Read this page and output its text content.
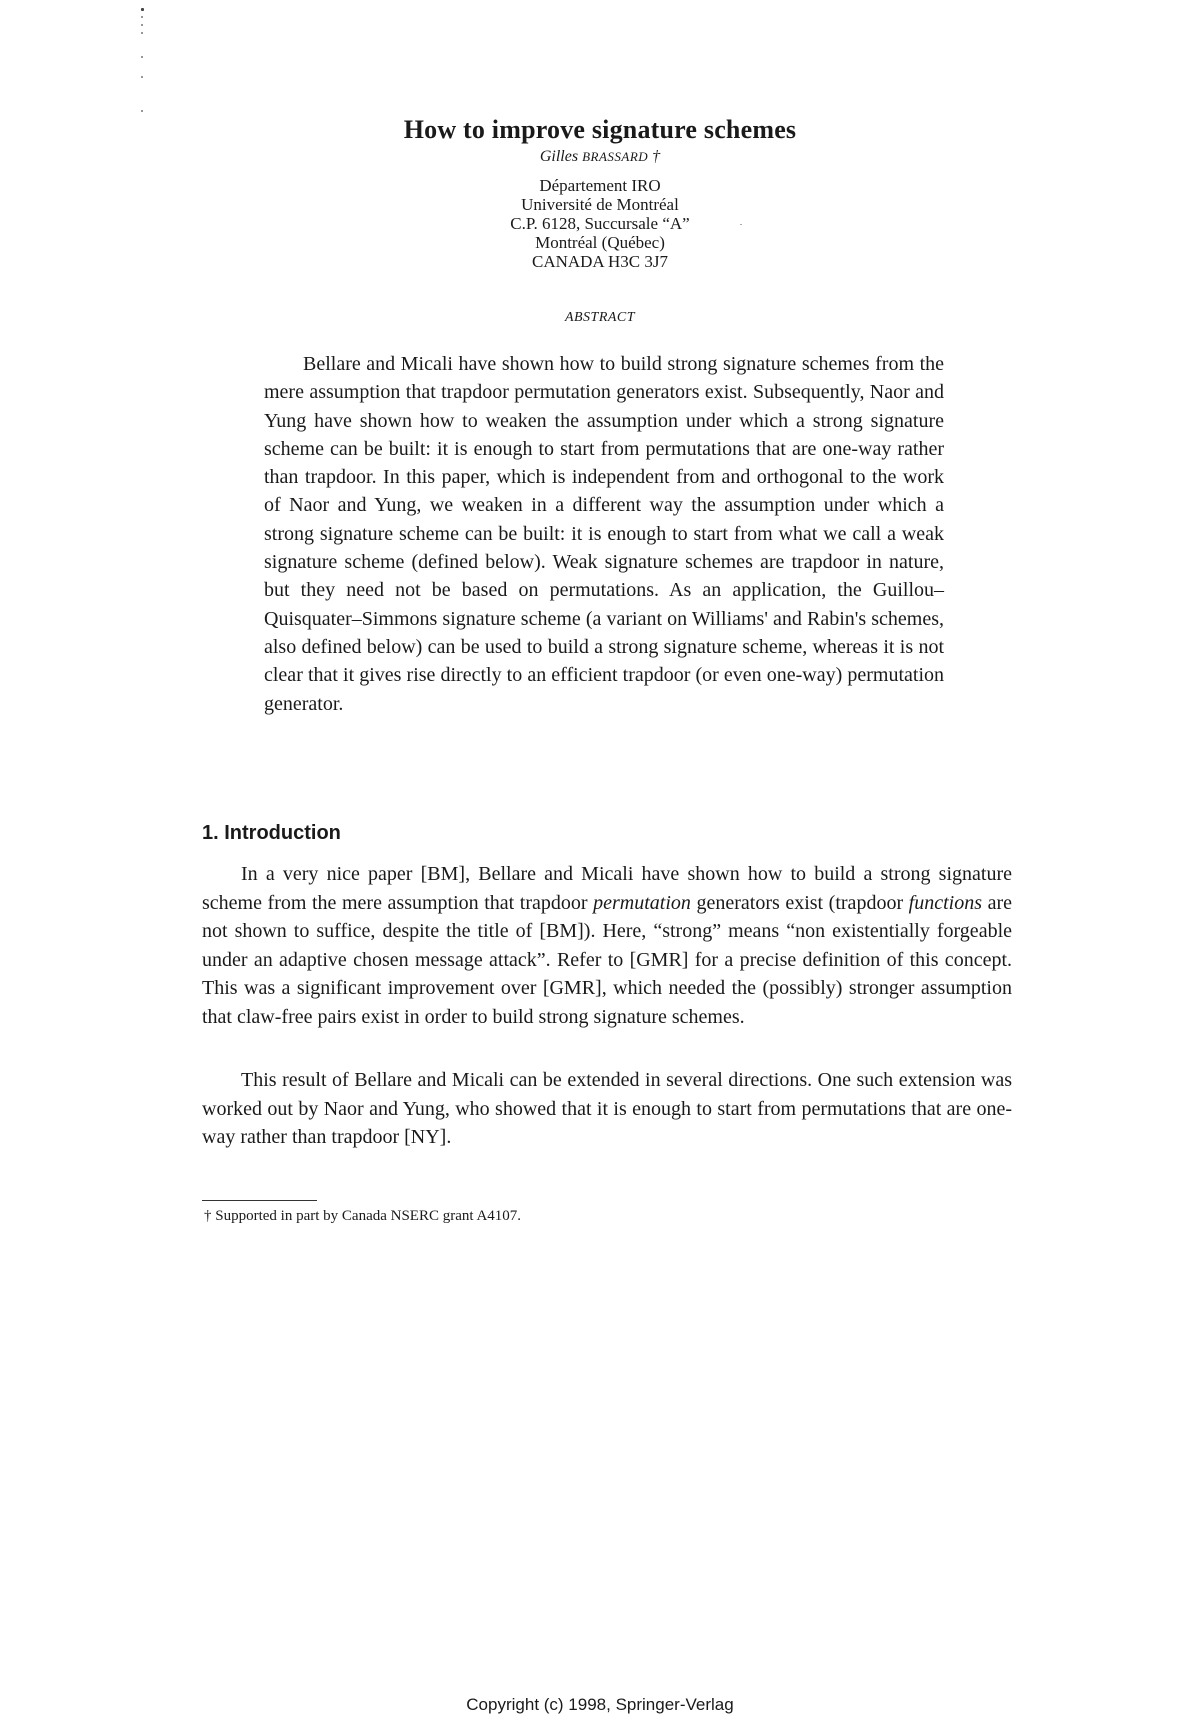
How to improve signature schemes
Gilles BRASSARD †
Département IRO
Université de Montréal
C.P. 6128, Succursale “A”
Montréal (Québec)
CANADA H3C 3J7
ABSTRACT

Bellare and Micali have shown how to build strong signature schemes from the mere assumption that trapdoor permutation generators exist. Subsequently, Naor and Yung have shown how to weaken the assumption under which a strong signature scheme can be built: it is enough to start from permutations that are one-way rather than trapdoor. In this paper, which is independent from and orthogonal to the work of Naor and Yung, we weaken in a different way the assumption under which a strong signature scheme can be built: it is enough to start from what we call a weak signature scheme (defined below). Weak signature schemes are trapdoor in nature, but they need not be based on permutations. As an application, the Guillou–Quisquater–Simmons signature scheme (a variant on Williams' and Rabin's schemes, also defined below) can be used to build a strong signature scheme, whereas it is not clear that it gives rise directly to an efficient trapdoor (or even one-way) permutation generator.

1. Introduction

In a very nice paper [BM], Bellare and Micali have shown how to build a strong signature scheme from the mere assumption that trapdoor permutation generators exist (trapdoor functions are not shown to suffice, despite the title of [BM]). Here, “strong” means “non existentially forgeable under an adaptive chosen message attack”. Refer to [GMR] for a precise definition of this concept. This was a significant improvement over [GMR], which needed the (possibly) stronger assumption that claw-free pairs exist in order to build strong signature schemes.

This result of Bellare and Micali can be extended in several directions. One such extension was worked out by Naor and Yung, who showed that it is enough to start from permutations that are one-way rather than trapdoor [NY].

† Supported in part by Canada NSERC grant A4107.
Copyright (c) 1998, Springer-Verlag
